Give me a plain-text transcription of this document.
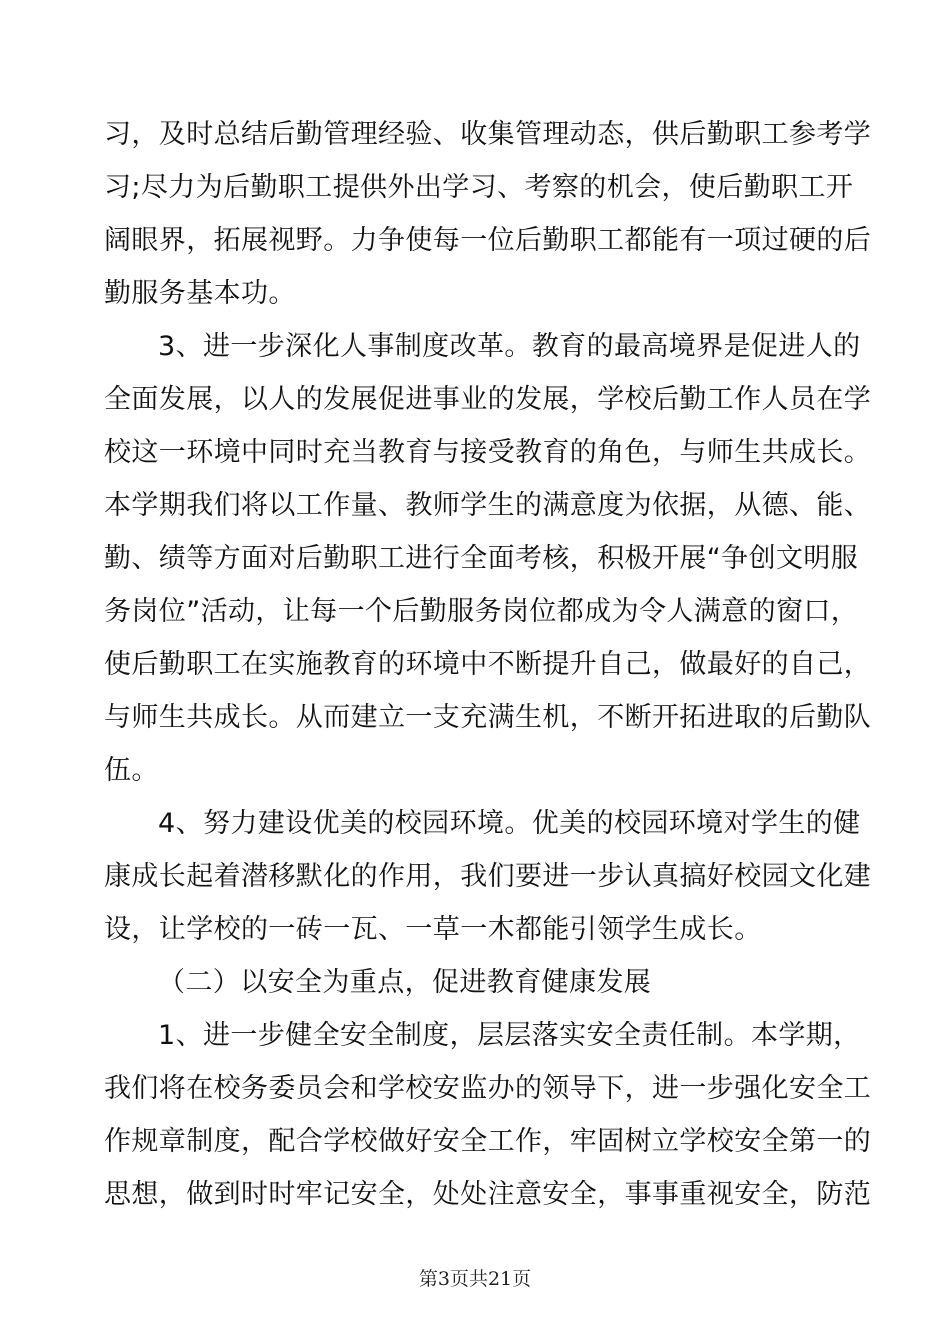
习，及时总结后勤管理经验、收集管理动态，供后勤职工参考学
习;尽力为后勤职工提供外出学习、考察的机会，使后勤职工开
阔眼界，拓展视野。力争使每一位后勤职工都能有一项过硬的后
勤服务基本功。
3、进一步深化人事制度改革。教育的最高境界是促进人的
全面发展，以人的发展促进事业的发展，学校后勤工作人员在学
校这一环境中同时充当教育与接受教育的角色，与师生共成长。
本学期我们将以工作量、教师学生的满意度为依据，从德、能、
勤、绩等方面对后勤职工进行全面考核，积极开展“争创文明服
务岗位”活动，让每一个后勤服务岗位都成为令人满意的窗口，
使后勤职工在实施教育的环境中不断提升自己，做最好的自己，
与师生共成长。从而建立一支充满生机，不断开拓进取的后勤队
伍。
4、努力建设优美的校园环境。优美的校园环境对学生的健
康成长起着潜移默化的作用，我们要进一步认真搞好校园文化建
设，让学校的一砖一瓦、一草一木都能引领学生成长。
（二）以安全为重点，促进教育健康发展
1、进一步健全安全制度，层层落实安全责任制。本学期，
我们将在校务委员会和学校安监办的领导下，进一步强化安全工
作规章制度，配合学校做好安全工作，牢固树立学校安全第一的
思想，做到时时牢记安全，处处注意安全，事事重视安全，防范
第3页共21页
